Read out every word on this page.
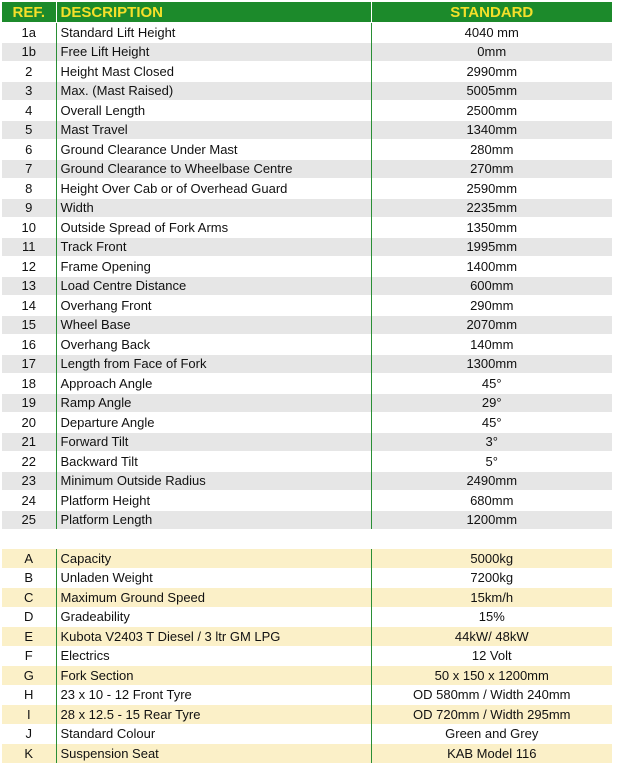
REF.	DESCRIPTION	STANDARD
1a	Standard Lift Height	4040 mm
1b	Free Lift Height	0mm
2	Height Mast Closed	2990mm
3	Max. (Mast Raised)	5005mm
4	Overall Length	2500mm
5	Mast Travel	1340mm
6	Ground Clearance Under Mast	280mm
7	Ground Clearance to Wheelbase Centre	270mm
8	Height Over Cab or of Overhead Guard	2590mm
9	Width	2235mm
10	Outside Spread of Fork Arms	1350mm
11	Track Front	1995mm
12	Frame Opening	1400mm
13	Load Centre Distance	600mm
14	Overhang Front	290mm
15	Wheel Base	2070mm
16	Overhang Back	140mm
17	Length from Face of Fork	1300mm
18	Approach Angle	45°
19	Ramp Angle	29°
20	Departure Angle	45°
21	Forward Tilt	3°
22	Backward Tilt	5°
23	Minimum Outside Radius	2490mm
24	Platform Height	680mm
25	Platform Length	1200mm

A	Capacity	5000kg
B	Unladen Weight	7200kg
C	Maximum Ground Speed	15km/h
D	Gradeability	15%
E	Kubota V2403 T Diesel / 3 ltr GM LPG	44kW/ 48kW
F	Electrics	12 Volt
G	Fork Section	50 x 150 x 1200mm
H	23 x 10 - 12 Front Tyre	OD 580mm / Width 240mm
I	28 x 12.5 - 15 Rear Tyre	OD 720mm / Width 295mm
J	Standard Colour	Green and Grey
K	Suspension Seat	KAB Model 116
